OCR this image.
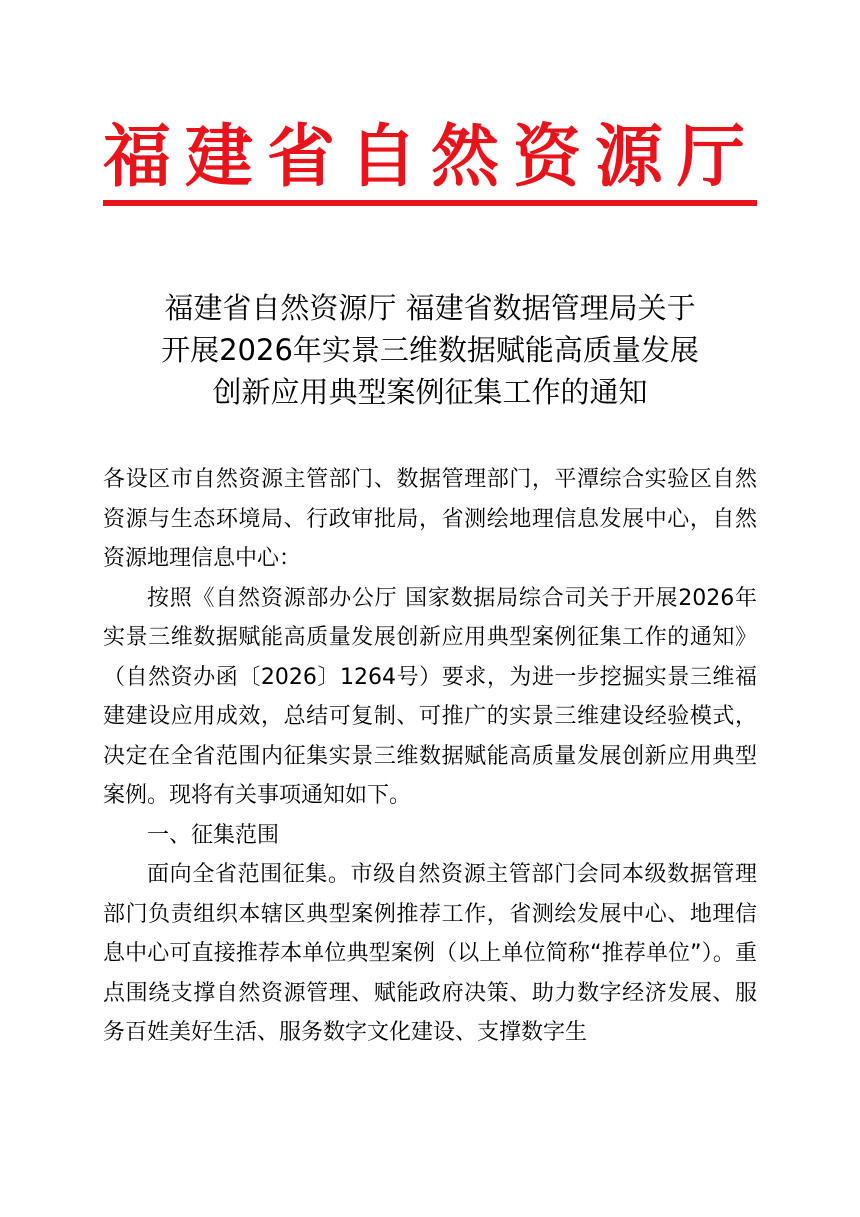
福建省自然资源厅
福建省自然资源厅 福建省数据管理局关于
开展2026年实景三维数据赋能高质量发展
创新应用典型案例征集工作的通知

各设区市自然资源主管部门、数据管理部门，平潭综合实验区自然资源与生态环境局、行政审批局，省测绘地理信息发展中心，自然资源地理信息中心：

按照《自然资源部办公厅 国家数据局综合司关于开展2026年实景三维数据赋能高质量发展创新应用典型案例征集工作的通知》（自然资办函〔2026〕1264号）要求，为进一步挖掘实景三维福建建设应用成效，总结可复制、可推广的实景三维建设经验模式，决定在全省范围内征集实景三维数据赋能高质量发展创新应用典型案例。现将有关事项通知如下。

一、征集范围

面向全省范围征集。市级自然资源主管部门会同本级数据管理部门负责组织本辖区典型案例推荐工作，省测绘发展中心、地理信息中心可直接推荐本单位典型案例（以上单位简称“推荐单位”）。重点围绕支撑自然资源管理、赋能政府决策、助力数字经济发展、服务百姓美好生活、服务数字文化建设、支撑数字生
